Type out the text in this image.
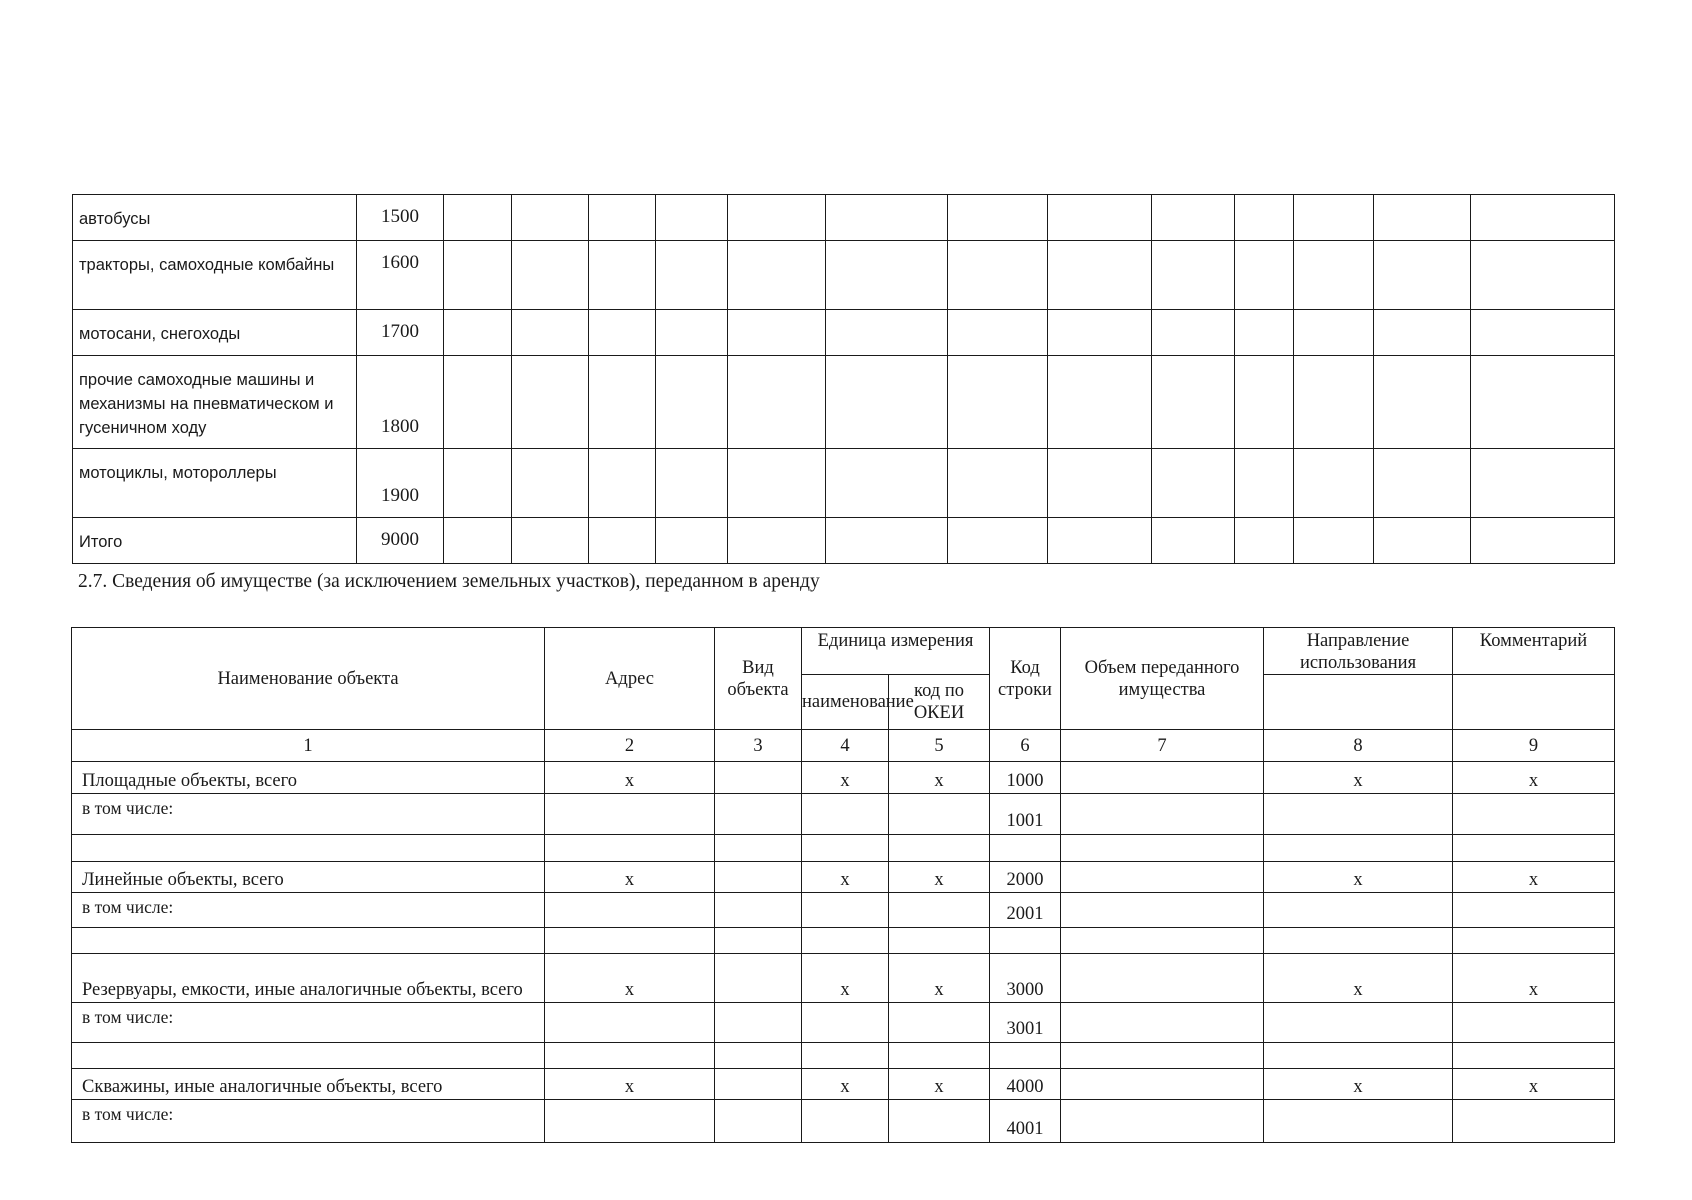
автобусы	1500													
тракторы, самоходные комбайны	1600													
мотосани, снегоходы	1700													
прочие самоходные машины и механизмы на пневматическом и гусеничном ходу	1800													
мотоциклы, мотороллеры	1900													
Итого	9000													
2.7. Сведения об имуществе (за исключением земельных участков), переданном в аренду
Наименование объекта	Адрес	Вид объекта	Единица измерения		Код строки	Объем переданного имущества	Направление использования	Комментарий
			наименование	код по ОКЕИ				
1	2	3	4	5	6	7	8	9
Площадные объекты, всего	x		x	x	1000		x	x
в том числе:					1001			

Линейные объекты, всего	x		x	x	2000		x	x
в том числе:					2001			

Резервуары, емкости, иные аналогичные объекты, всего	x		x	x	3000		x	x
в том числе:					3001			

Скважины, иные аналогичные объекты, всего	x		x	x	4000		x	x
в том числе:					4001			
